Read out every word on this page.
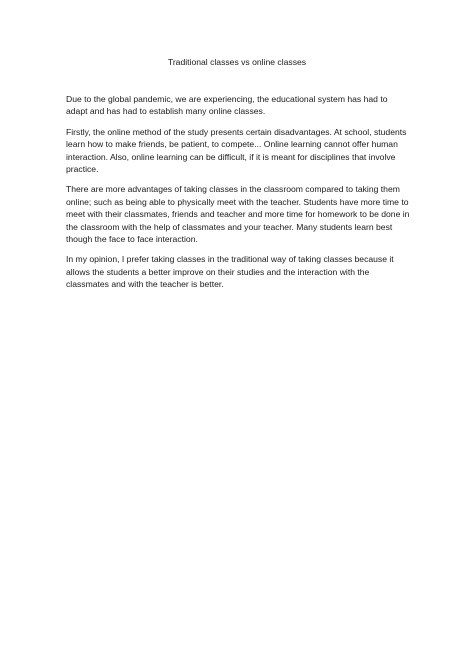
Traditional classes vs online classes

Due to the global pandemic, we are experiencing, the educational system has had to adapt and has had to establish many online classes.

Firstly, the online method of the study presents certain disadvantages. At school, students learn how to make friends, be patient, to compete... Online learning cannot offer human interaction. Also, online learning can be difficult, if it is meant for disciplines that involve practice.

There are more advantages of taking classes in the classroom compared to taking them online; such as being able to physically meet with the teacher. Students have more time to meet with their classmates, friends and teacher and more time for homework to be done in the classroom with the help of classmates and your teacher. Many students learn best though the face to face interaction.

In my opinion, I prefer taking classes in the traditional way of taking classes because it allows the students a better improve on their studies and the interaction with the classmates and with the teacher is better.
